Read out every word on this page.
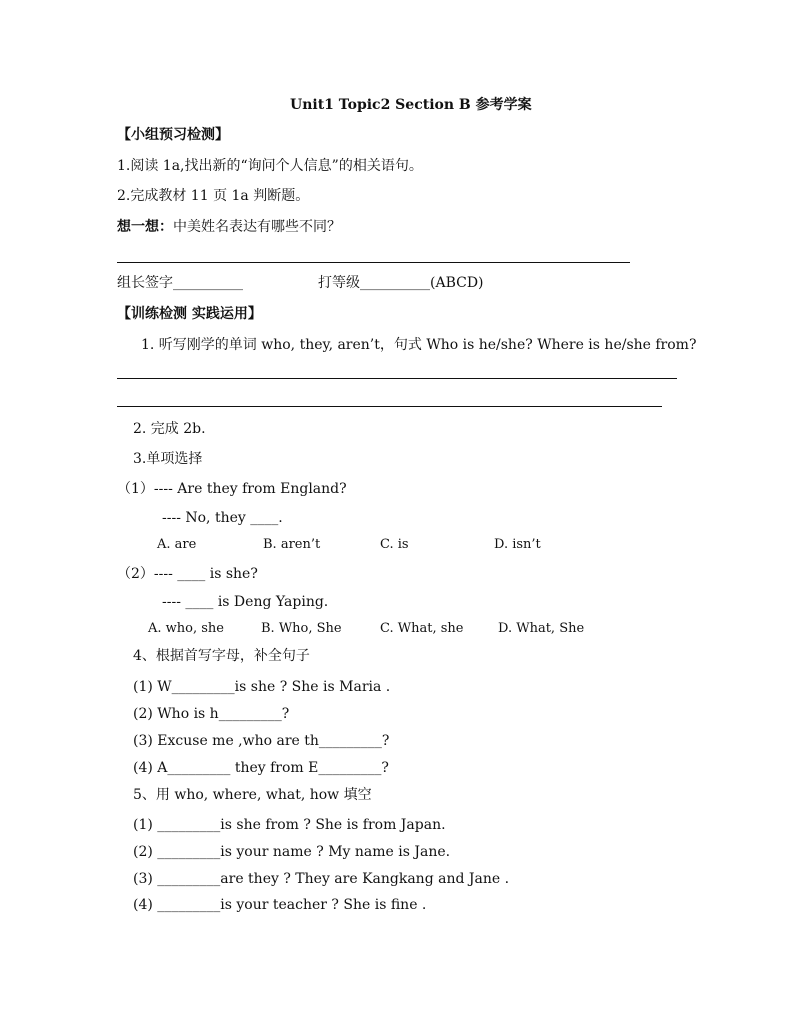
Unit1 Topic2 Section B 参考学案
【小组预习检测】
1.阅读 1a,找出新的“询问个人信息”的相关语句。
2.完成教材 11 页 1a 判断题。
想一想：中美姓名表达有哪些不同？
组长签字__________	打等级__________(ABCD)
【训练检测 实践运用】
1. 听写刚学的单词 who, they, aren’t，句式 Who is he/she? Where is he/she from?
2. 完成 2b.
3.单项选择
（1）---- Are they from England?
---- No, they ____.
A. are	B. aren’t	C. is	D. isn’t
（2）---- ____ is she?
---- ____ is Deng Yaping.
A. who, she	B. Who, She	C. What, she	D. What, She
4、根据首写字母，补全句子
(1) W_________is she ? She is Maria .
(2) Who is h_________?
(3) Excuse me ,who are th_________?
(4) A_________ they from E_________?
5、用 who, where, what, how 填空
(1) _________is she from ? She is from Japan.
(2) _________is your name ? My name is Jane.
(3) _________are they ? They are Kangkang and Jane .
(4) _________is your teacher ? She is fine .
